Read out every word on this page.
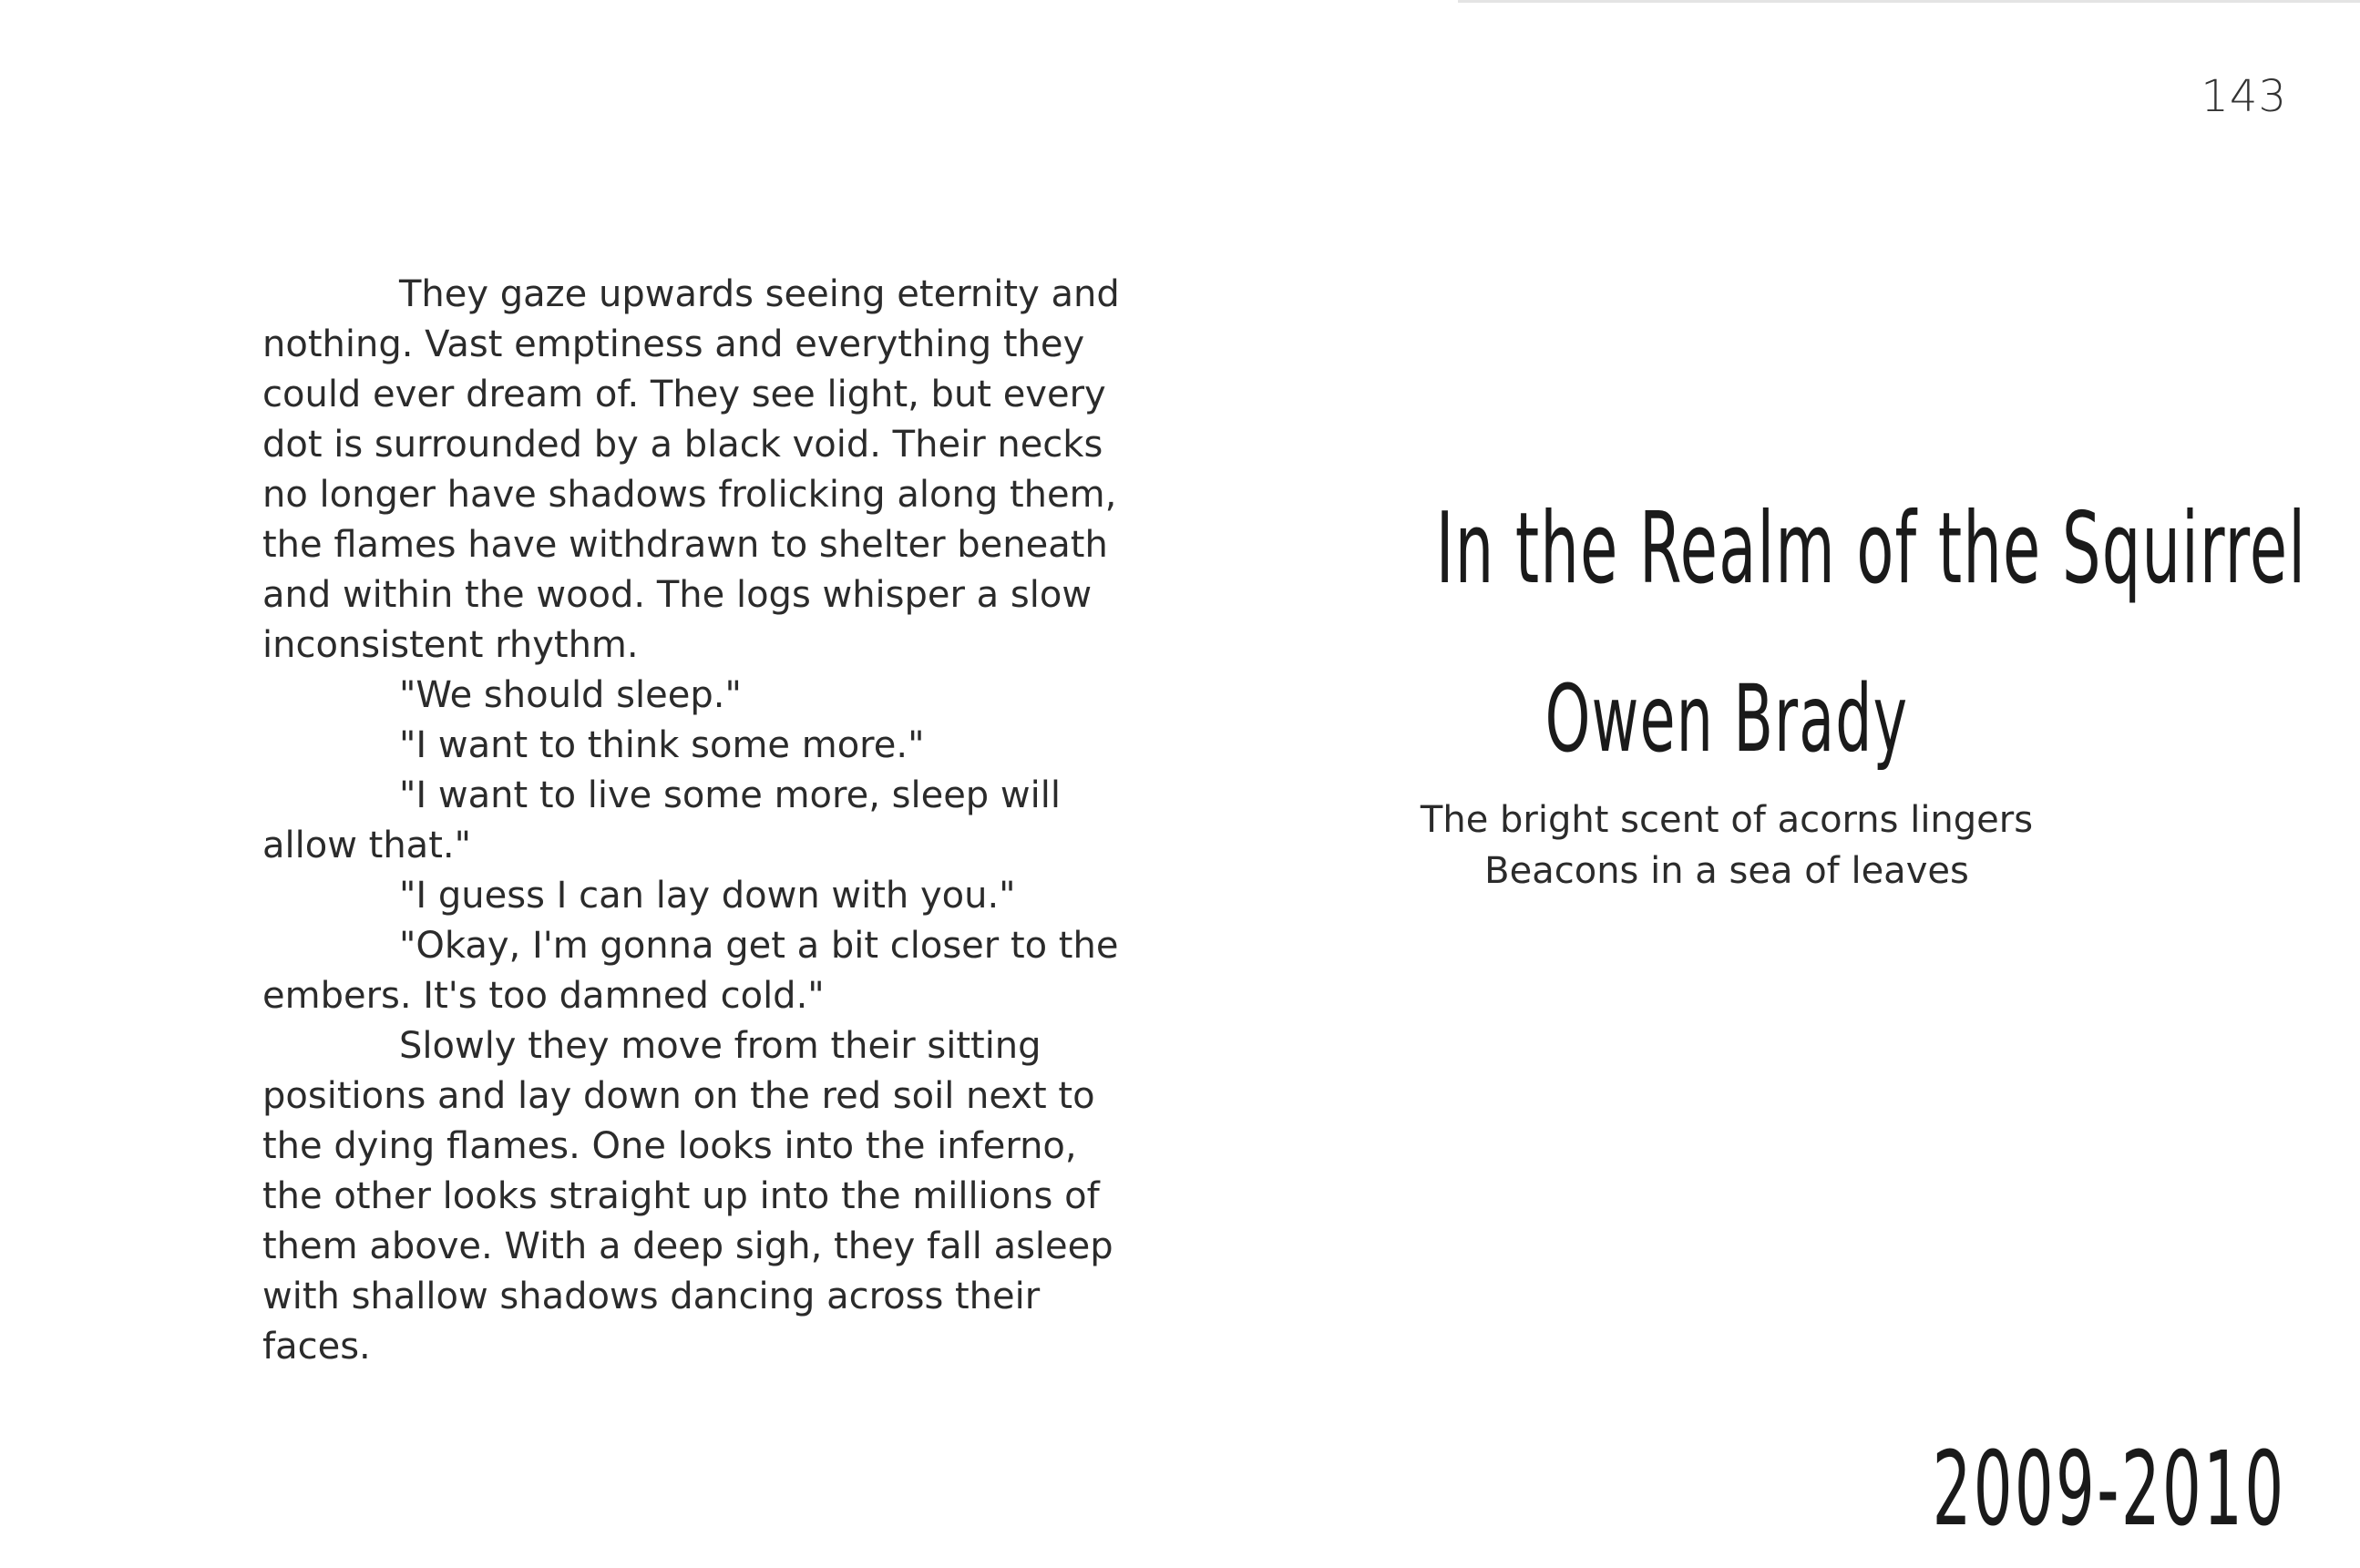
143

They gaze upwards seeing eternity and nothing. Vast emptiness and everything they could ever dream of. They see light, but every dot is surrounded by a black void. Their necks no longer have shadows frolicking along them, the flames have withdrawn to shelter beneath and within the wood. The logs whisper a slow inconsistent rhythm.

"We should sleep."

"I want to think some more."

"I want to live some more, sleep will allow that."

"I guess I can lay down with you."

"Okay, I'm gonna get a bit closer to the embers. It's too damned cold."

Slowly they move from their sitting positions and lay down on the red soil next to the dying flames. One looks into the inferno, the other looks straight up into the millions of them above. With a deep sigh, they fall asleep with shallow shadows dancing across their faces.

In the Realm of the Squirrel
Owen Brady
The bright scent of acorns lingers
Beacons in a sea of leaves
2009-2010
